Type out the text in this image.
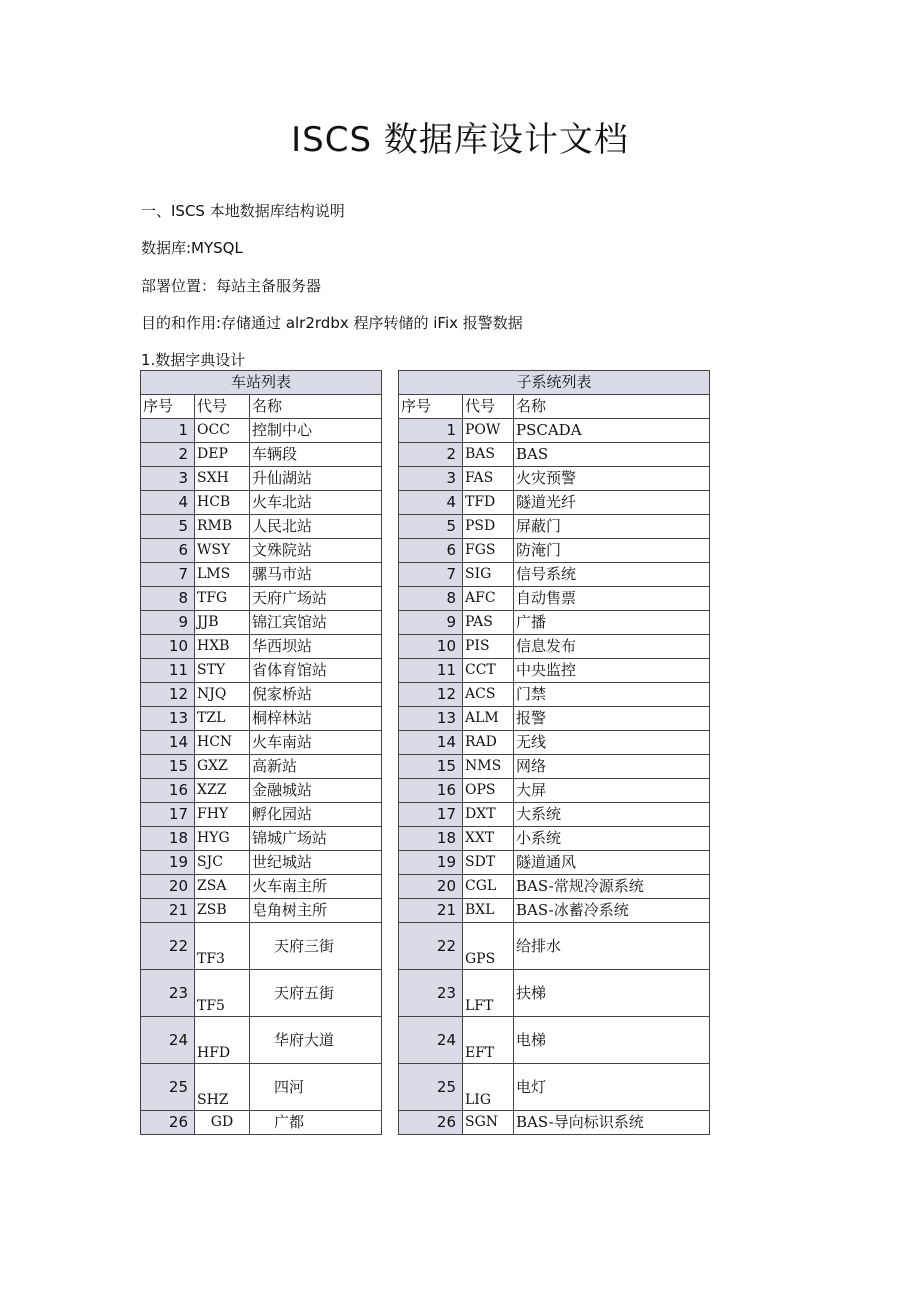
ISCS 数据库设计文档
一、ISCS 本地数据库结构说明
数据库:MYSQL
部署位置：每站主备服务器
目的和作用:存储通过 alr2rdbx 程序转储的 iFix 报警数据
1.数据字典设计
车站列表		
序号	代号	名称
1	OCC	控制中心
2	DEP	车辆段
3	SXH	升仙湖站
4	HCB	火车北站
5	RMB	人民北站
6	WSY	文殊院站
7	LMS	骡马市站
8	TFG	天府广场站
9	JJB	锦江宾馆站
10	HXB	华西坝站
11	STY	省体育馆站
12	NJQ	倪家桥站
13	TZL	桐梓林站
14	HCN	火车南站
15	GXZ	高新站
16	XZZ	金融城站
17	FHY	孵化园站
18	HYG	锦城广场站
19	SJC	世纪城站
20	ZSA	火车南主所
21	ZSB	皂角树主所
22	TF3	天府三街
23	TF5	天府五街
24	HFD	华府大道
25	SHZ	四河
26	GD	广都
子系统列表		
序号	代号	名称
1	POW	PSCADA
2	BAS	BAS
3	FAS	火灾预警
4	TFD	隧道光纤
5	PSD	屏蔽门
6	FGS	防淹门
7	SIG	信号系统
8	AFC	自动售票
9	PAS	广播
10	PIS	信息发布
11	CCT	中央监控
12	ACS	门禁
13	ALM	报警
14	RAD	无线
15	NMS	网络
16	OPS	大屏
17	DXT	大系统
18	XXT	小系统
19	SDT	隧道通风
20	CGL	BAS-常规冷源系统
21	BXL	BAS-冰蓄冷系统
22	GPS	给排水
23	LFT	扶梯
24	EFT	电梯
25	LIG	电灯
26	SGN	BAS-导向标识系统
